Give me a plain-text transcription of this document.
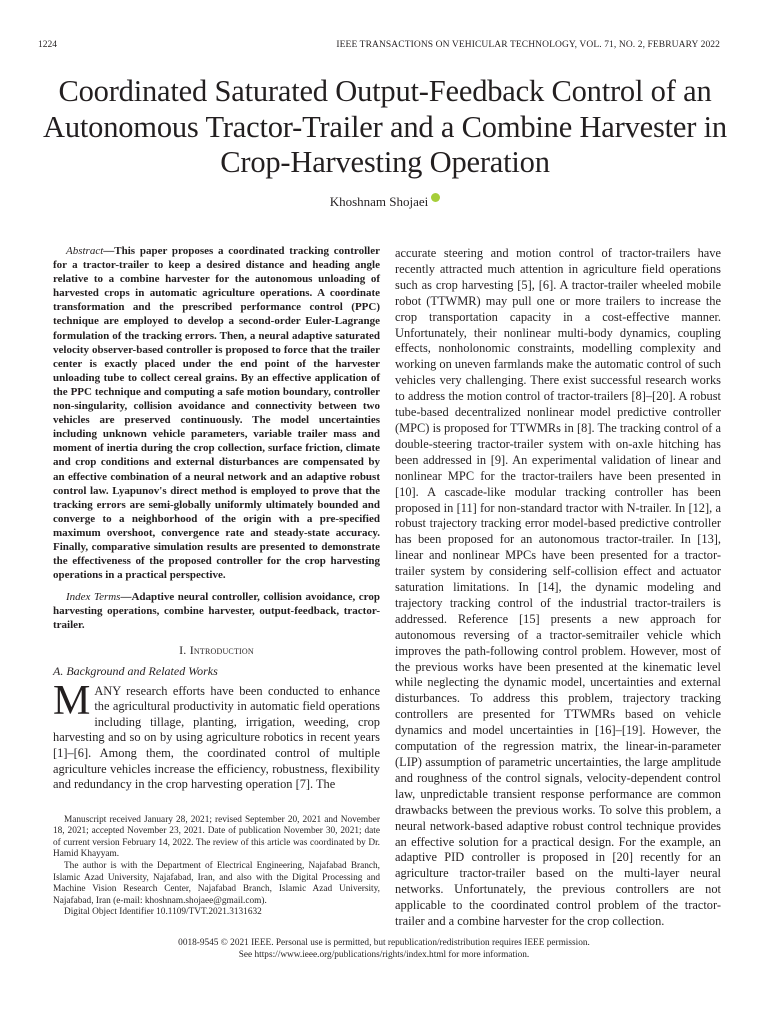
1224	IEEE TRANSACTIONS ON VEHICULAR TECHNOLOGY, VOL. 71, NO. 2, FEBRUARY 2022
Coordinated Saturated Output-Feedback Control of an Autonomous Tractor-Trailer and a Combine Harvester in Crop-Harvesting Operation
Khoshnam Shojaei

Abstract—This paper proposes a coordinated tracking controller for a tractor-trailer to keep a desired distance and heading angle relative to a combine harvester for the autonomous unloading of harvested crops in automatic agriculture operations. A coordinate transformation and the prescribed performance control (PPC) technique are employed to develop a second-order Euler-Lagrange formulation of the tracking errors. Then, a neural adaptive saturated velocity observer-based controller is proposed to force that the trailer center is exactly placed under the end point of the harvester unloading tube to collect cereal grains. By an effective application of the PPC technique and computing a safe motion boundary, controller non-singularity, collision avoidance and connectivity between two vehicles are preserved continuously. The model uncertainties including unknown vehicle parameters, variable trailer mass and moment of inertia during the crop collection, surface friction, climate and crop conditions and external disturbances are compensated by an effective combination of a neural network and an adaptive robust control law. Lyapunov's direct method is employed to prove that the tracking errors are semi-globally uniformly ultimately bounded and converge to a neighborhood of the origin with a pre-specified maximum overshoot, convergence rate and steady-state accuracy. Finally, comparative simulation results are presented to demonstrate the effectiveness of the proposed controller for the crop harvesting operations in a practical perspective.

Index Terms—Adaptive neural controller, collision avoidance, crop harvesting operations, combine harvester, output-feedback, tractor-trailer.

I. Introduction
A. Background and Related Works

MANY research efforts have been conducted to enhance the agricultural productivity in automatic field operations including tillage, planting, irrigation, weeding, crop harvesting and so on by using agriculture robotics in recent years [1]–[6]. Among them, the coordinated control of multiple agriculture vehicles increase the efficiency, robustness, flexibility and redundancy in the crop harvesting operation [7]. The

Manuscript received January 28, 2021; revised September 20, 2021 and November 18, 2021; accepted November 23, 2021. Date of publication November 30, 2021; date of current version February 14, 2022. The review of this article was coordinated by Dr. Hamid Khayyam.

The author is with the Department of Electrical Engineering, Najafabad Branch, Islamic Azad University, Najafabad, Iran, and also with the Digital Processing and Machine Vision Research Center, Najafabad Branch, Islamic Azad University, Najafabad, Iran (e-mail: khoshnam.shojaee@gmail.com).

Digital Object Identifier 10.1109/TVT.2021.3131632

accurate steering and motion control of tractor-trailers have recently attracted much attention in agriculture field operations such as crop harvesting [5], [6]. A tractor-trailer wheeled mobile robot (TTWMR) may pull one or more trailers to increase the crop transportation capacity in a cost-effective manner. Unfortunately, their nonlinear multi-body dynamics, coupling effects, nonholonomic constraints, modelling complexity and working on uneven farmlands make the automatic control of such vehicles very challenging. There exist successful research works to address the motion control of tractor-trailers [8]–[20]. A robust tube-based decentralized nonlinear model predictive controller (MPC) is proposed for TTWMRs in [8]. The tracking control of a double-steering tractor-trailer system with on-axle hitching has been addressed in [9]. An experimental validation of linear and nonlinear MPC for the tractor-trailers have been presented in [10]. A cascade-like modular tracking controller has been proposed in [11] for non-standard tractor with N-trailer. In [12], a robust trajectory tracking error model-based predictive controller has been proposed for an autonomous tractor-trailer. In [13], linear and nonlinear MPCs have been presented for a tractor-trailer system by considering self-collision effect and actuator saturation limitations. In [14], the dynamic modeling and trajectory tracking control of the industrial tractor-trailers is addressed. Reference [15] presents a new approach for autonomous reversing of a tractor-semitrailer vehicle which improves the path-following control problem. However, most of the previous works have been presented at the kinematic level while neglecting the dynamic model, uncertainties and external disturbances. To address this problem, trajectory tracking controllers are presented for TTWMRs based on vehicle dynamics and model uncertainties in [16]–[19]. However, the computation of the regression matrix, the linear-in-parameter (LIP) assumption of parametric uncertainties, the large amplitude and roughness of the control signals, velocity-dependent control law, unpredictable transient response performance are common drawbacks between the previous works. To solve this problem, a neural network-based adaptive robust control technique provides an effective solution for a practical design. For the example, an adaptive PID controller is proposed in [20] recently for an agriculture tractor-trailer based on the multi-layer neural networks. Unfortunately, the previous controllers are not applicable to the coordinated control problem of the tractor-trailer and a combine harvester for the crop collection.

0018-9545 © 2021 IEEE. Personal use is permitted, but republication/redistribution requires IEEE permission.
See https://www.ieee.org/publications/rights/index.html for more information.
